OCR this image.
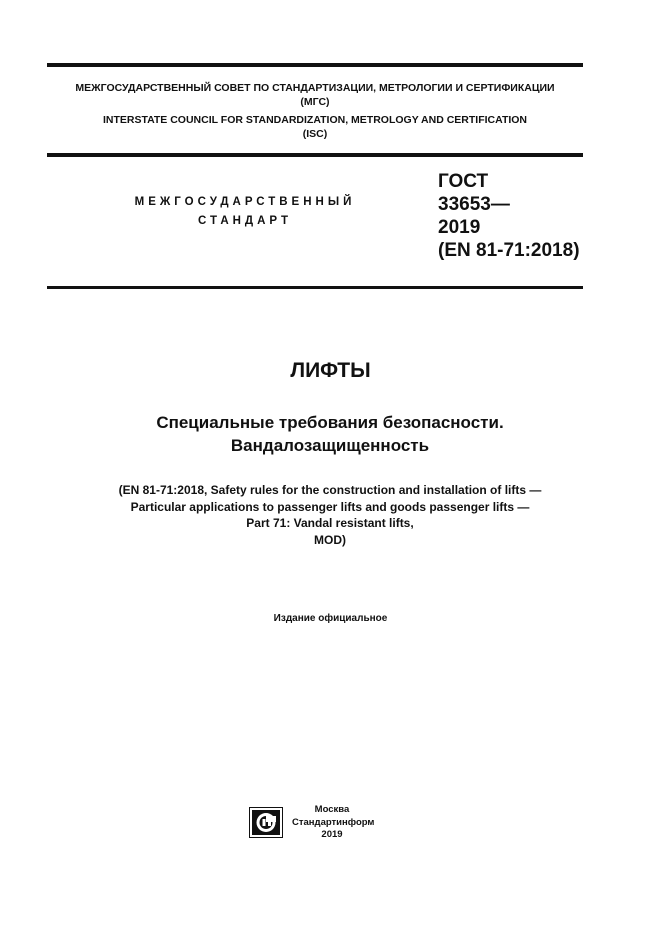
МЕЖГОСУДАРСТВЕННЫЙ СОВЕТ ПО СТАНДАРТИЗАЦИИ, МЕТРОЛОГИИ И СЕРТИФИКАЦИИ
(МГС)
INTERSTATE COUNCIL FOR STANDARDIZATION, METROLOGY AND CERTIFICATION
(ISC)
МЕЖГОСУДАРСТВЕННЫЙ
СТАНДАРТ
ГОСТ
33653—
2019
(EN 81-71:2018)
ЛИФТЫ
Специальные требования безопасности.
Вандалозащищенность
(EN 81-71:2018, Safety rules for the construction and installation of lifts —
Particular applications to passenger lifts and goods passenger lifts —
Part 71: Vandal resistant lifts,
MOD)
Издание официальное
Москва
Стандартинформ
2019
